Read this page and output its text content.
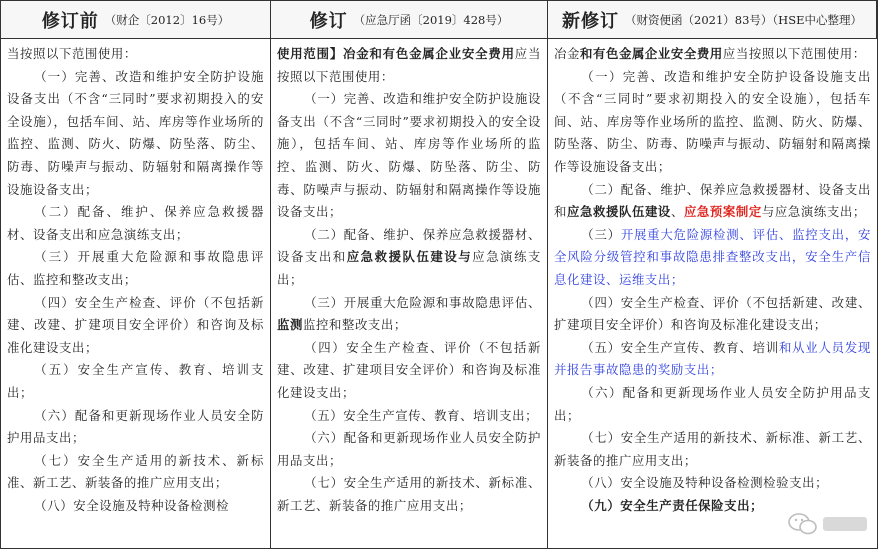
修订前 （财企〔2012〕16号）	修订 （应急厅函〔2019〕428号）	新修订 （财资便函（2021）83号）（HSE中心整理）

当按照以下范围使用：

（一）完善、改造和维护安全防护设施设备支出（不含“三同时”要求初期投入的安全设施），包括车间、站、库房等作业场所的监控、监测、防火、防爆、防坠落、防尘、防毒、防噪声与振动、防辐射和隔离操作等设施设备支出；

（二）配备、维护、保养应急救援器材、设备支出和应急演练支出；

（三）开展重大危险源和事故隐患评估、监控和整改支出；

（四）安全生产检查、评价（不包括新建、改建、扩建项目安全评价）和咨询及标准化建设支出；

（五）安全生产宣传、教育、培训支出；

（六）配备和更新现场作业人员安全防护用品支出；

（七）安全生产适用的新技术、新标准、新工艺、新装备的推广应用支出；

（八）安全设施及特种设备检测检

使用范围】冶金和有色金属企业安全费用应当按照以下范围使用：

（一）完善、改造和维护安全防护设施设备支出（不含“三同时”要求初期投入的安全设施），包括车间、站、库房等作业场所的监控、监测、防火、防爆、防坠落、防尘、防毒、防噪声与振动、防辐射和隔离操作等设施设备支出；

（二）配备、维护、保养应急救援器材、设备支出和应急救援队伍建设与应急演练支出；

（三）开展重大危险源和事故隐患评估、监测监控和整改支出；

（四）安全生产检查、评价（不包括新建、改建、扩建项目安全评价）和咨询及标准化建设支出；

（五）安全生产宣传、教育、培训支出；

（六）配备和更新现场作业人员安全防护用品支出；

（七）安全生产适用的新技术、新标准、新工艺、新装备的推广应用支出；

冶金和有色金属企业安全费用应当按照以下范围使用：

（一）完善、改造和维护安全防护设备设施支出（不含“三同时”要求初期投入的安全设施），包括车间、站、库房等作业场所的监控、监测、防火、防爆、防坠落、防尘、防毒、防噪声与振动、防辐射和隔离操作等设施设备支出；

（二）配备、维护、保养应急救援器材、设备支出和应急救援队伍建设、应急预案制定与应急演练支出；

（三）开展重大危险源检测、评估、监控支出，安全风险分级管控和事故隐患排查整改支出，安全生产信息化建设、运维支出；

（四）安全生产检查、评价（不包括新建、改建、扩建项目安全评价）和咨询及标准化建设支出；

（五）安全生产宣传、教育、培训和从业人员发现并报告事故隐患的奖励支出；

（六）配备和更新现场作业人员安全防护用品支出；

（七）安全生产适用的新技术、新标准、新工艺、新装备的推广应用支出；

（八）安全设施及特种设备检测检验支出；

（九）安全生产责任保险支出；
